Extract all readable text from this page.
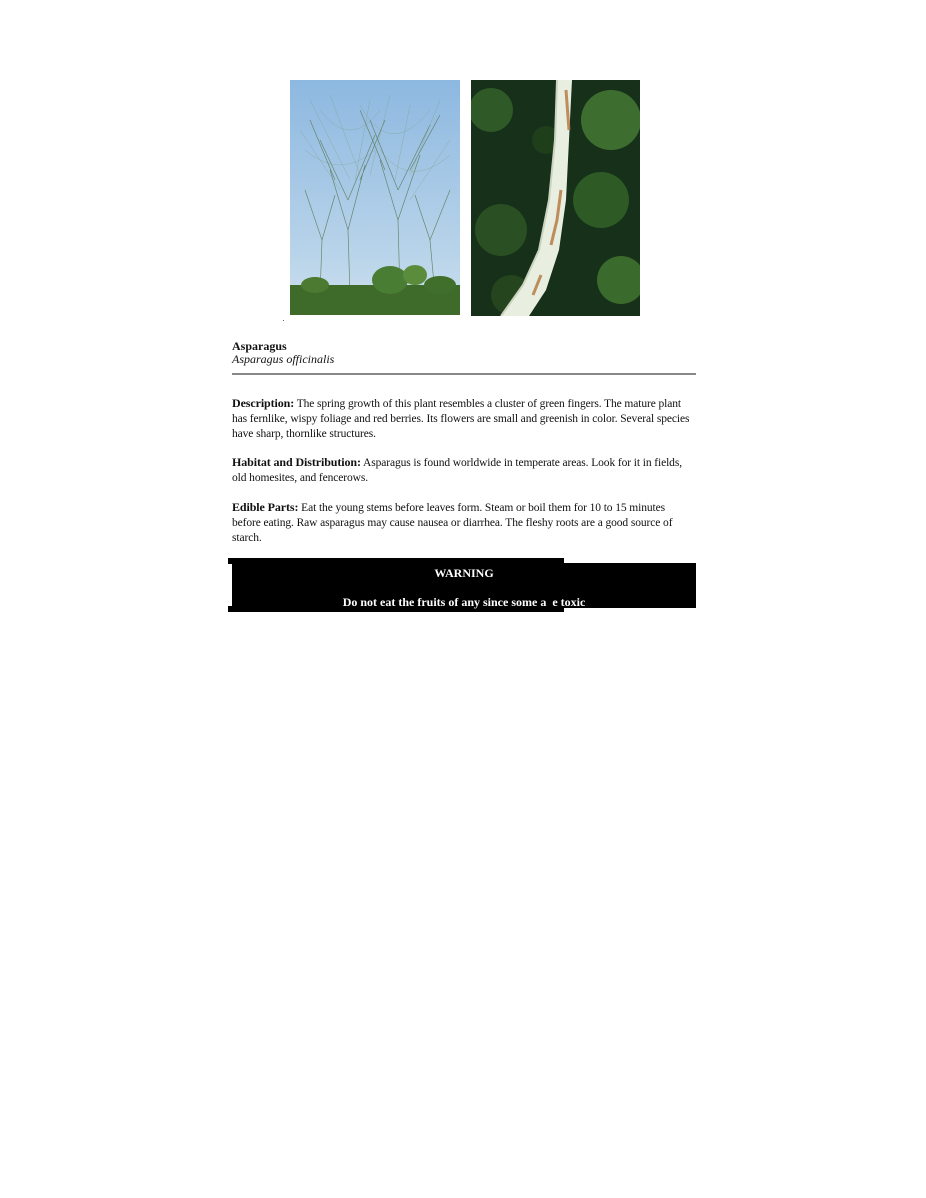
Asparagus
Asparagus officinalis
Description: The spring growth of this plant resembles a cluster of green fingers. The mature plant has fernlike, wispy foliage and red berries. Its flowers are small and greenish in color. Several species have sharp, thornlike structures.
Habitat and Distribution: Asparagus is found worldwide in temperate areas. Look for it in fields, old homesites, and fencerows.
Edible Parts: Eat the young stems before leaves form. Steam or boil them for 10 to 15 minutes before eating. Raw asparagus may cause nausea or diarrhea. The fleshy roots are a good source of starch.
WARNING
Do not eat the fruits of any since some a  e toxic
